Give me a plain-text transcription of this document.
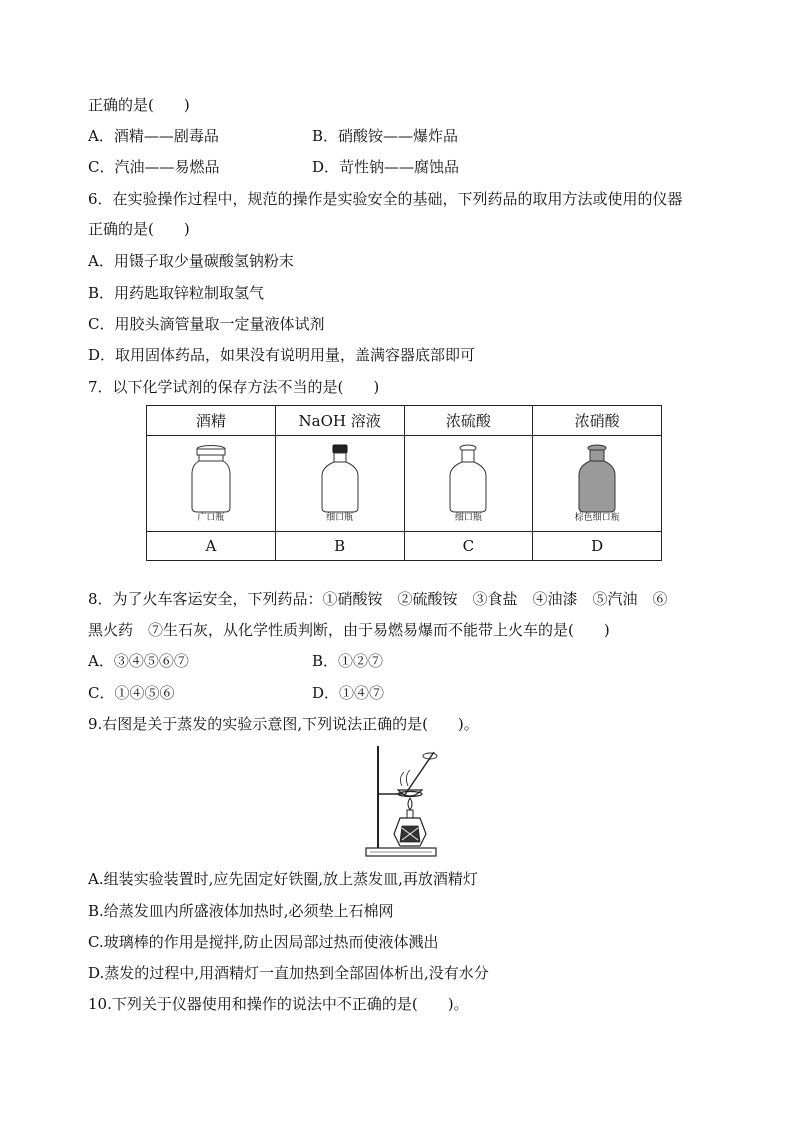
正确的是(　　)
A．酒精——剧毒品	B．硝酸铵——爆炸品
C．汽油——易燃品	D．苛性钠——腐蚀品
6．在实验操作过程中，规范的操作是实验安全的基础，下列药品的取用方法或使用的仪器
正确的是(　　)
A．用镊子取少量碳酸氢钠粉末
B．用药匙取锌粒制取氢气
C．用胶头滴管量取一定量液体试剂
D．取用固体药品，如果没有说明用量，盖满容器底部即可
7．以下化学试剂的保存方法不当的是(　　)
酒精	NaOH 溶液	浓硫酸	浓硝酸

广口瓶	细口瓶	细口瓶	棕色细口瓶

A	B	C	D
8．为了火车客运安全，下列药品：①硝酸铵　②硫酸铵　③食盐　④油漆　⑤汽油　⑥
黑火药　⑦生石灰，从化学性质判断，由于易燃易爆而不能带上火车的是(　　)
A．③④⑤⑥⑦	B．①②⑦
C．①④⑤⑥	D．①④⑦
9.右图是关于蒸发的实验示意图,下列说法正确的是(　　)。
A.组装实验装置时,应先固定好铁圈,放上蒸发皿,再放酒精灯
B.给蒸发皿内所盛液体加热时,必须垫上石棉网
C.玻璃棒的作用是搅拌,防止因局部过热而使液体溅出
D.蒸发的过程中,用酒精灯一直加热到全部固体析出,没有水分
10.下列关于仪器使用和操作的说法中不正确的是(　　)。
